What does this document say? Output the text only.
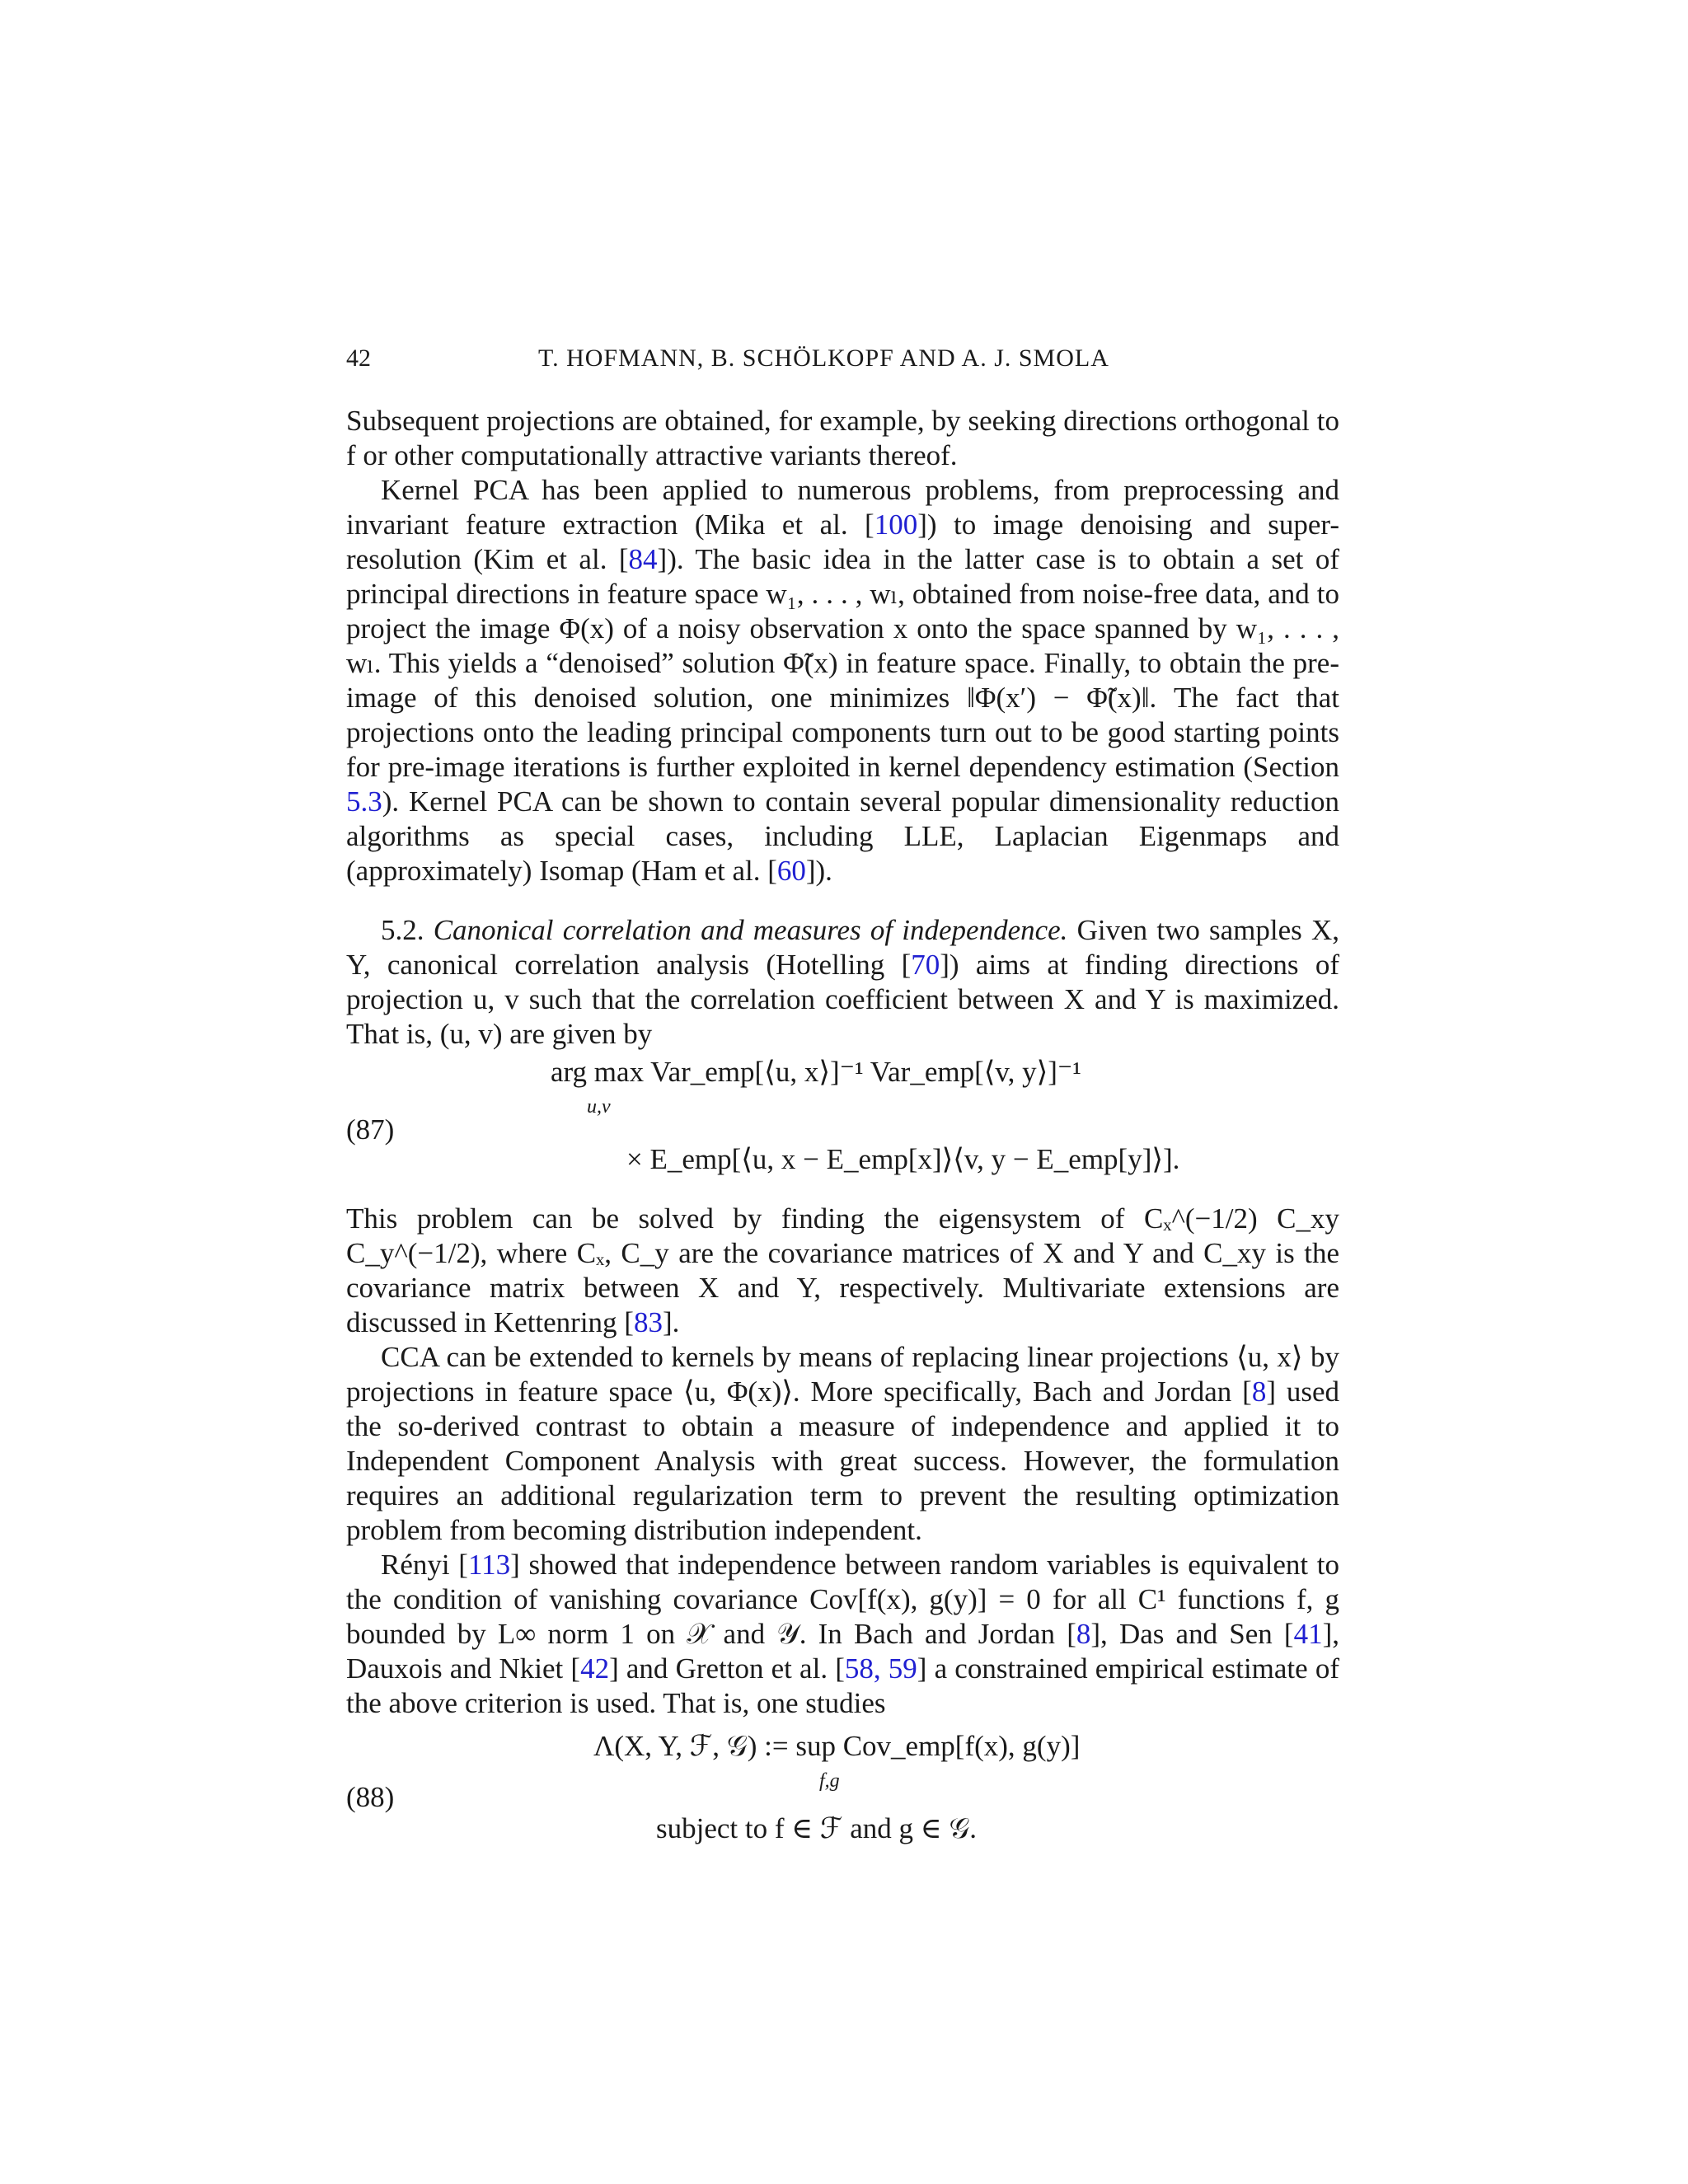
42	T. HOFMANN, B. SCHÖLKOPF AND A. J. SMOLA

Subsequent projections are obtained, for example, by seeking directions orthogonal to f or other computationally attractive variants thereof.

Kernel PCA has been applied to numerous problems, from preprocessing and invariant feature extraction (Mika et al. [100]) to image denoising and super-resolution (Kim et al. [84]). The basic idea in the latter case is to obtain a set of principal directions in feature space w₁, . . . , wₗ, obtained from noise-free data, and to project the image Φ(x) of a noisy observation x onto the space spanned by w₁, . . . , wₗ. This yields a “denoised” solution Φ̃(x) in feature space. Finally, to obtain the pre-image of this denoised solution, one minimizes ‖Φ(x′) − Φ̃(x)‖. The fact that projections onto the leading principal components turn out to be good starting points for pre-image iterations is further exploited in kernel dependency estimation (Section 5.3). Kernel PCA can be shown to contain several popular dimensionality reduction algorithms as special cases, including LLE, Laplacian Eigenmaps and (approximately) Isomap (Ham et al. [60]).

5.2. Canonical correlation and measures of independence. Given two samples X, Y, canonical correlation analysis (Hotelling [70]) aims at finding directions of projection u, v such that the correlation coefficient between X and Y is maximized. That is, (u, v) are given by

(87)
arg max Var_emp[⟨u, x⟩]⁻¹ Var_emp[⟨v, y⟩]⁻¹
u,v
× E_emp[⟨u, x − E_emp[x]⟩⟨v, y − E_emp[y]⟩].

This problem can be solved by finding the eigensystem of Cₓ^(−1/2) C_xy C_y^(−1/2), where Cₓ, C_y are the covariance matrices of X and Y and C_xy is the covariance matrix between X and Y, respectively. Multivariate extensions are discussed in Kettenring [83].

CCA can be extended to kernels by means of replacing linear projections ⟨u, x⟩ by projections in feature space ⟨u, Φ(x)⟩. More specifically, Bach and Jordan [8] used the so-derived contrast to obtain a measure of independence and applied it to Independent Component Analysis with great success. However, the formulation requires an additional regularization term to prevent the resulting optimization problem from becoming distribution independent.

Rényi [113] showed that independence between random variables is equivalent to the condition of vanishing covariance Cov[f(x), g(y)] = 0 for all C¹ functions f, g bounded by L∞ norm 1 on 𝒳 and 𝒴. In Bach and Jordan [8], Das and Sen [41], Dauxois and Nkiet [42] and Gretton et al. [58, 59] a constrained empirical estimate of the above criterion is used. That is, one studies

(88)
Λ(X, Y, ℱ, 𝒢) := sup Cov_emp[f(x), g(y)]
f,g
subject to f ∈ ℱ and g ∈ 𝒢.
